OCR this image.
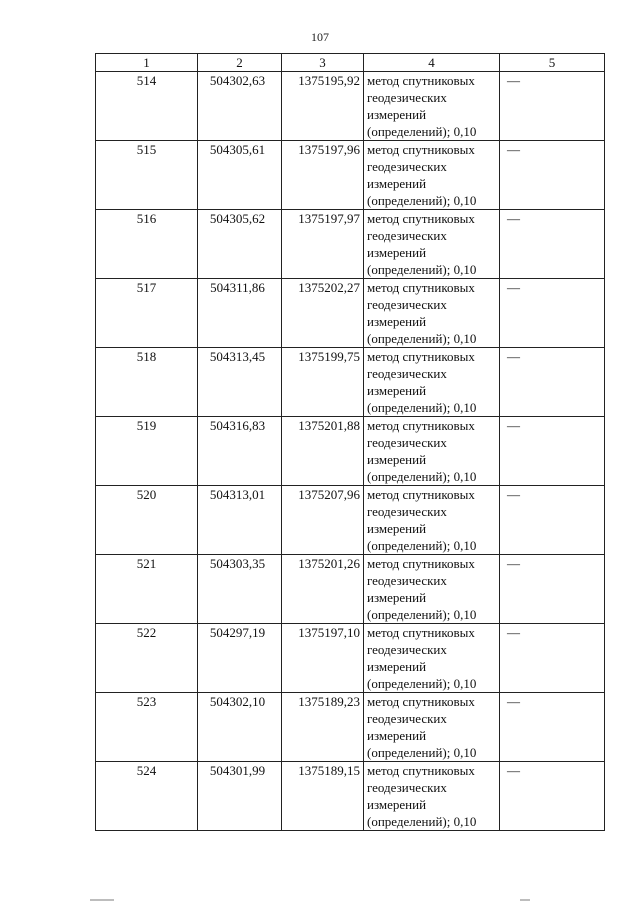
107
1	2	3	4	5
514	504302,63	1375195,92	метод спутниковых
геодезических
измерений
(определений); 0,10	—
515	504305,61	1375197,96	метод спутниковых
геодезических
измерений
(определений); 0,10	—
516	504305,62	1375197,97	метод спутниковых
геодезических
измерений
(определений); 0,10	—
517	504311,86	1375202,27	метод спутниковых
геодезических
измерений
(определений); 0,10	—
518	504313,45	1375199,75	метод спутниковых
геодезических
измерений
(определений); 0,10	—
519	504316,83	1375201,88	метод спутниковых
геодезических
измерений
(определений); 0,10	—
520	504313,01	1375207,96	метод спутниковых
геодезических
измерений
(определений); 0,10	—
521	504303,35	1375201,26	метод спутниковых
геодезических
измерений
(определений); 0,10	—
522	504297,19	1375197,10	метод спутниковых
геодезических
измерений
(определений); 0,10	—
523	504302,10	1375189,23	метод спутниковых
геодезических
измерений
(определений); 0,10	—
524	504301,99	1375189,15	метод спутниковых
геодезических
измерений
(определений); 0,10	—
